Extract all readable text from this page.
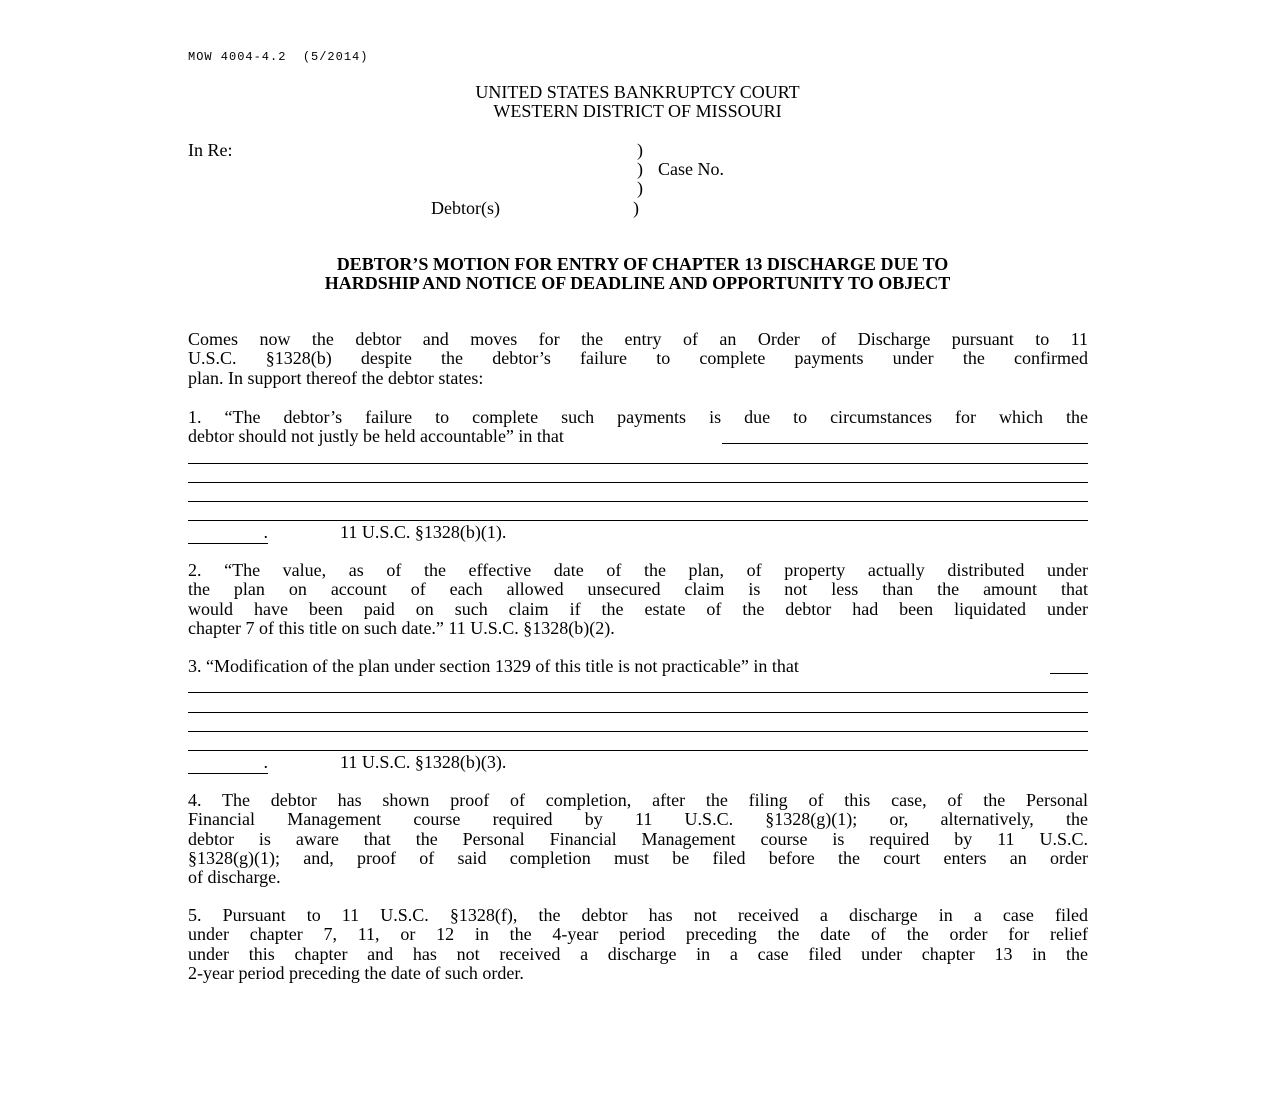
MOW 4004-4.2  (5/2014)
UNITED STATES BANKRUPTCY COURT
WESTERN DISTRICT OF MISSOURI
In Re:	)
) Case No.
)
Debtor(s)	)
DEBTOR’S MOTION FOR ENTRY OF CHAPTER 13 DISCHARGE DUE TO
HARDSHIP AND NOTICE OF DEADLINE AND OPPORTUNITY TO OBJECT
Comes now the debtor and moves for the entry of an Order of Discharge pursuant to 11
U.S.C. §1328(b) despite the debtor’s failure to complete payments under the confirmed
plan. In support thereof the debtor states:
1. “The debtor’s failure to complete such payments is due to circumstances for which the
debtor should not justly be held accountable” in that

.	11 U.S.C. §1328(b)(1).
2. “The value, as of the effective date of the plan, of property actually distributed under
the plan on account of each allowed unsecured claim is not less than the amount that
would have been paid on such claim if the estate of the debtor had been liquidated under
chapter 7 of this title on such date.” 11 U.S.C. §1328(b)(2).
3. “Modification of the plan under section 1329 of this title is not practicable” in that

.	11 U.S.C. §1328(b)(3).
4. The debtor has shown proof of completion, after the filing of this case, of the Personal
Financial Management course required by 11 U.S.C. §1328(g)(1); or, alternatively, the
debtor is aware that the Personal Financial Management course is required by 11 U.S.C.
§1328(g)(1); and, proof of said completion must be filed before the court enters an order
of discharge.
5. Pursuant to 11 U.S.C. §1328(f), the debtor has not received a discharge in a case filed
under chapter 7, 11, or 12 in the 4-year period preceding the date of the order for relief
under this chapter and has not received a discharge in a case filed under chapter 13 in the
2-year period preceding the date of such order.
